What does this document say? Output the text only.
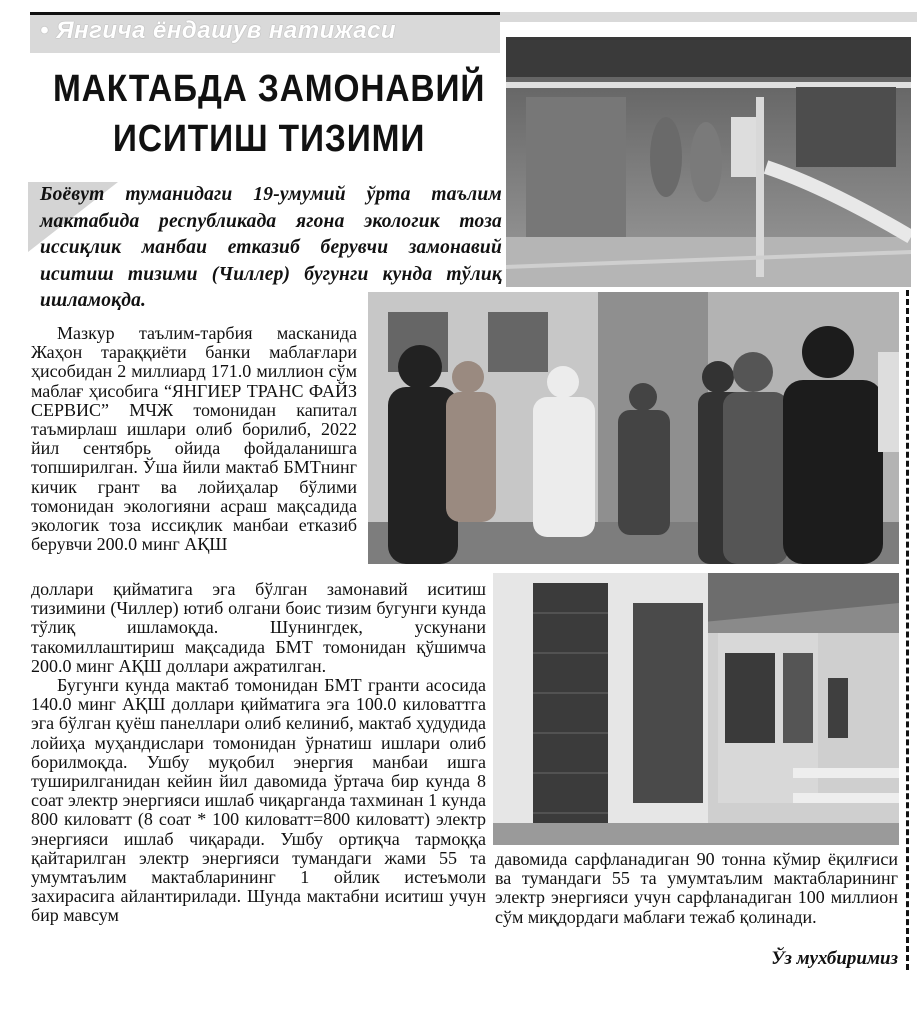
• Янгича ёндашув натижаси
МАКТАБДА ЗАМОНАВИЙ
ИСИТИШ ТИЗИМИ
Боёвут туманидаги 19-умумий ўрта таълим мактабида республикада ягона экологик тоза иссиқлик манбаи етказиб берувчи замонавий иситиш тизими (Чиллер) бугунги кунда тўлиқ ишламоқда.

Мазкур таълим-тарбия масканида Жаҳон тараққиёти банки маблағлари ҳисобидан 2 миллиард 171.0 миллион сўм маблағ ҳисобига “ЯНГИЕР ТРАНС ФАЙЗ СЕРВИС” МЧЖ томонидан капитал таъмирлаш ишлари олиб борилиб, 2022 йил сентябрь ойида фойдаланишга топширилган. Ўша йили мактаб БМТнинг кичик грант ва лойиҳалар бўлими томонидан экологияни асраш мақсадида экологик тоза иссиқлик манбаи етказиб берувчи 200.0 минг АҚШ

доллари қийматига эга бўлган замонавий иситиш тизимини (Чиллер) ютиб олгани боис тизим бугунги кунда тўлиқ ишламоқда. Шунингдек, ускунани такомиллаштириш мақсадида БМТ томонидан қўшимча 200.0 минг АҚШ доллари ажратилган.

Бугунги кунда мактаб томонидан БМТ гранти асосида 140.0 минг АҚШ доллари қийматига эга 100.0 киловаттга эга бўлган қуёш панеллари олиб келиниб, мактаб ҳудудида лойиҳа муҳандислари томонидан ўрнатиш ишлари олиб борилмоқда. Ушбу муқобил энергия манбаи ишга туширилганидан кейин йил давомида ўртача бир кунда 8 соат электр энергияси ишлаб чиқарганда тахминан 1 кунда 800 киловатт (8 соат * 100 киловатт=800 киловатт) электр энергияси ишлаб чиқаради. Ушбу ортиқча тармоққа қайтарилган электр энергияси тумандаги жами 55 та умумтаълим мактабларининг 1 ойлик истеъмоли захирасига айлантирилади. Шунда мактабни иситиш учун бир мавсум

давомида сарфланадиган 90 тонна кўмир ёқилғиси ва тумандаги 55 та умумтаълим мактабларининг электр энергияси учун сарфланадиган 100 миллион сўм миқдордаги маблағи тежаб қолинади.

Ўз мухбиримиз
